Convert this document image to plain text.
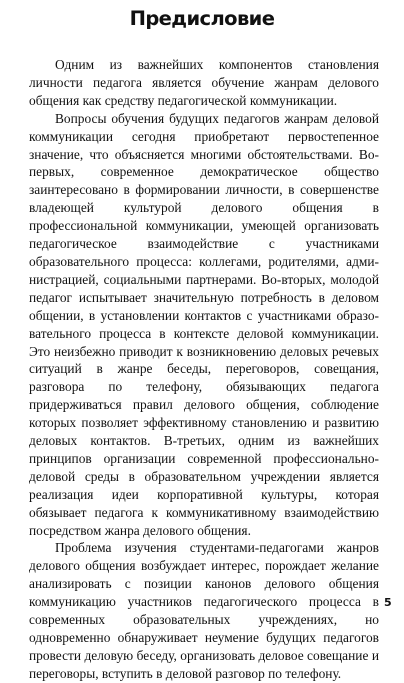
Предисловие

Одним из важнейших компонентов становления личности педагога является обучение жанрам делового общения как средству педагогической коммуникации.

Вопросы обучения будущих педагогов жанрам деловой коммуникации сегодня приобретают первостепенное значение, что объясняется многими обстоятельствами. Во-первых, современное демократическое общество заинтересовано в формировании личности, в совершенстве владеющей культурой делового общения в профессиональной коммуникации, умеющей организовать педагогическое взаимодействие с участниками образовательного процесса: коллегами, родителями, администрацией, социальными партнерами. Во-вторых, молодой педагог испытывает значительную потребность в деловом общении, в установлении контактов с участниками образовательного процесса в контексте деловой коммуникации. Это неизбежно приводит к возникновению деловых речевых ситуаций в жанре беседы, переговоров, совещания, разговора по телефону, обязывающих педагога придерживаться правил делового общения, соблюдение которых позволяет эффективному становлению и развитию деловых контактов. В-третьих, одним из важнейших принципов организации современной профессионально-деловой среды в образовательном учреждении является реализация идеи корпоративной культуры, которая обязывает педагога к коммуникативному взаимодействию посредством жанра делового общения.

Проблема изучения студентами-педагогами жанров делового общения возбуждает интерес, порождает желание анализировать с позиции канонов делового общения коммуникацию участников педагогического процесса в современных образовательных учреждениях, но одновременно обнаруживает неумение будущих педагогов провести деловую беседу, организовать деловое совещание и переговоры, вступить в деловой разговор по телефону.

5
